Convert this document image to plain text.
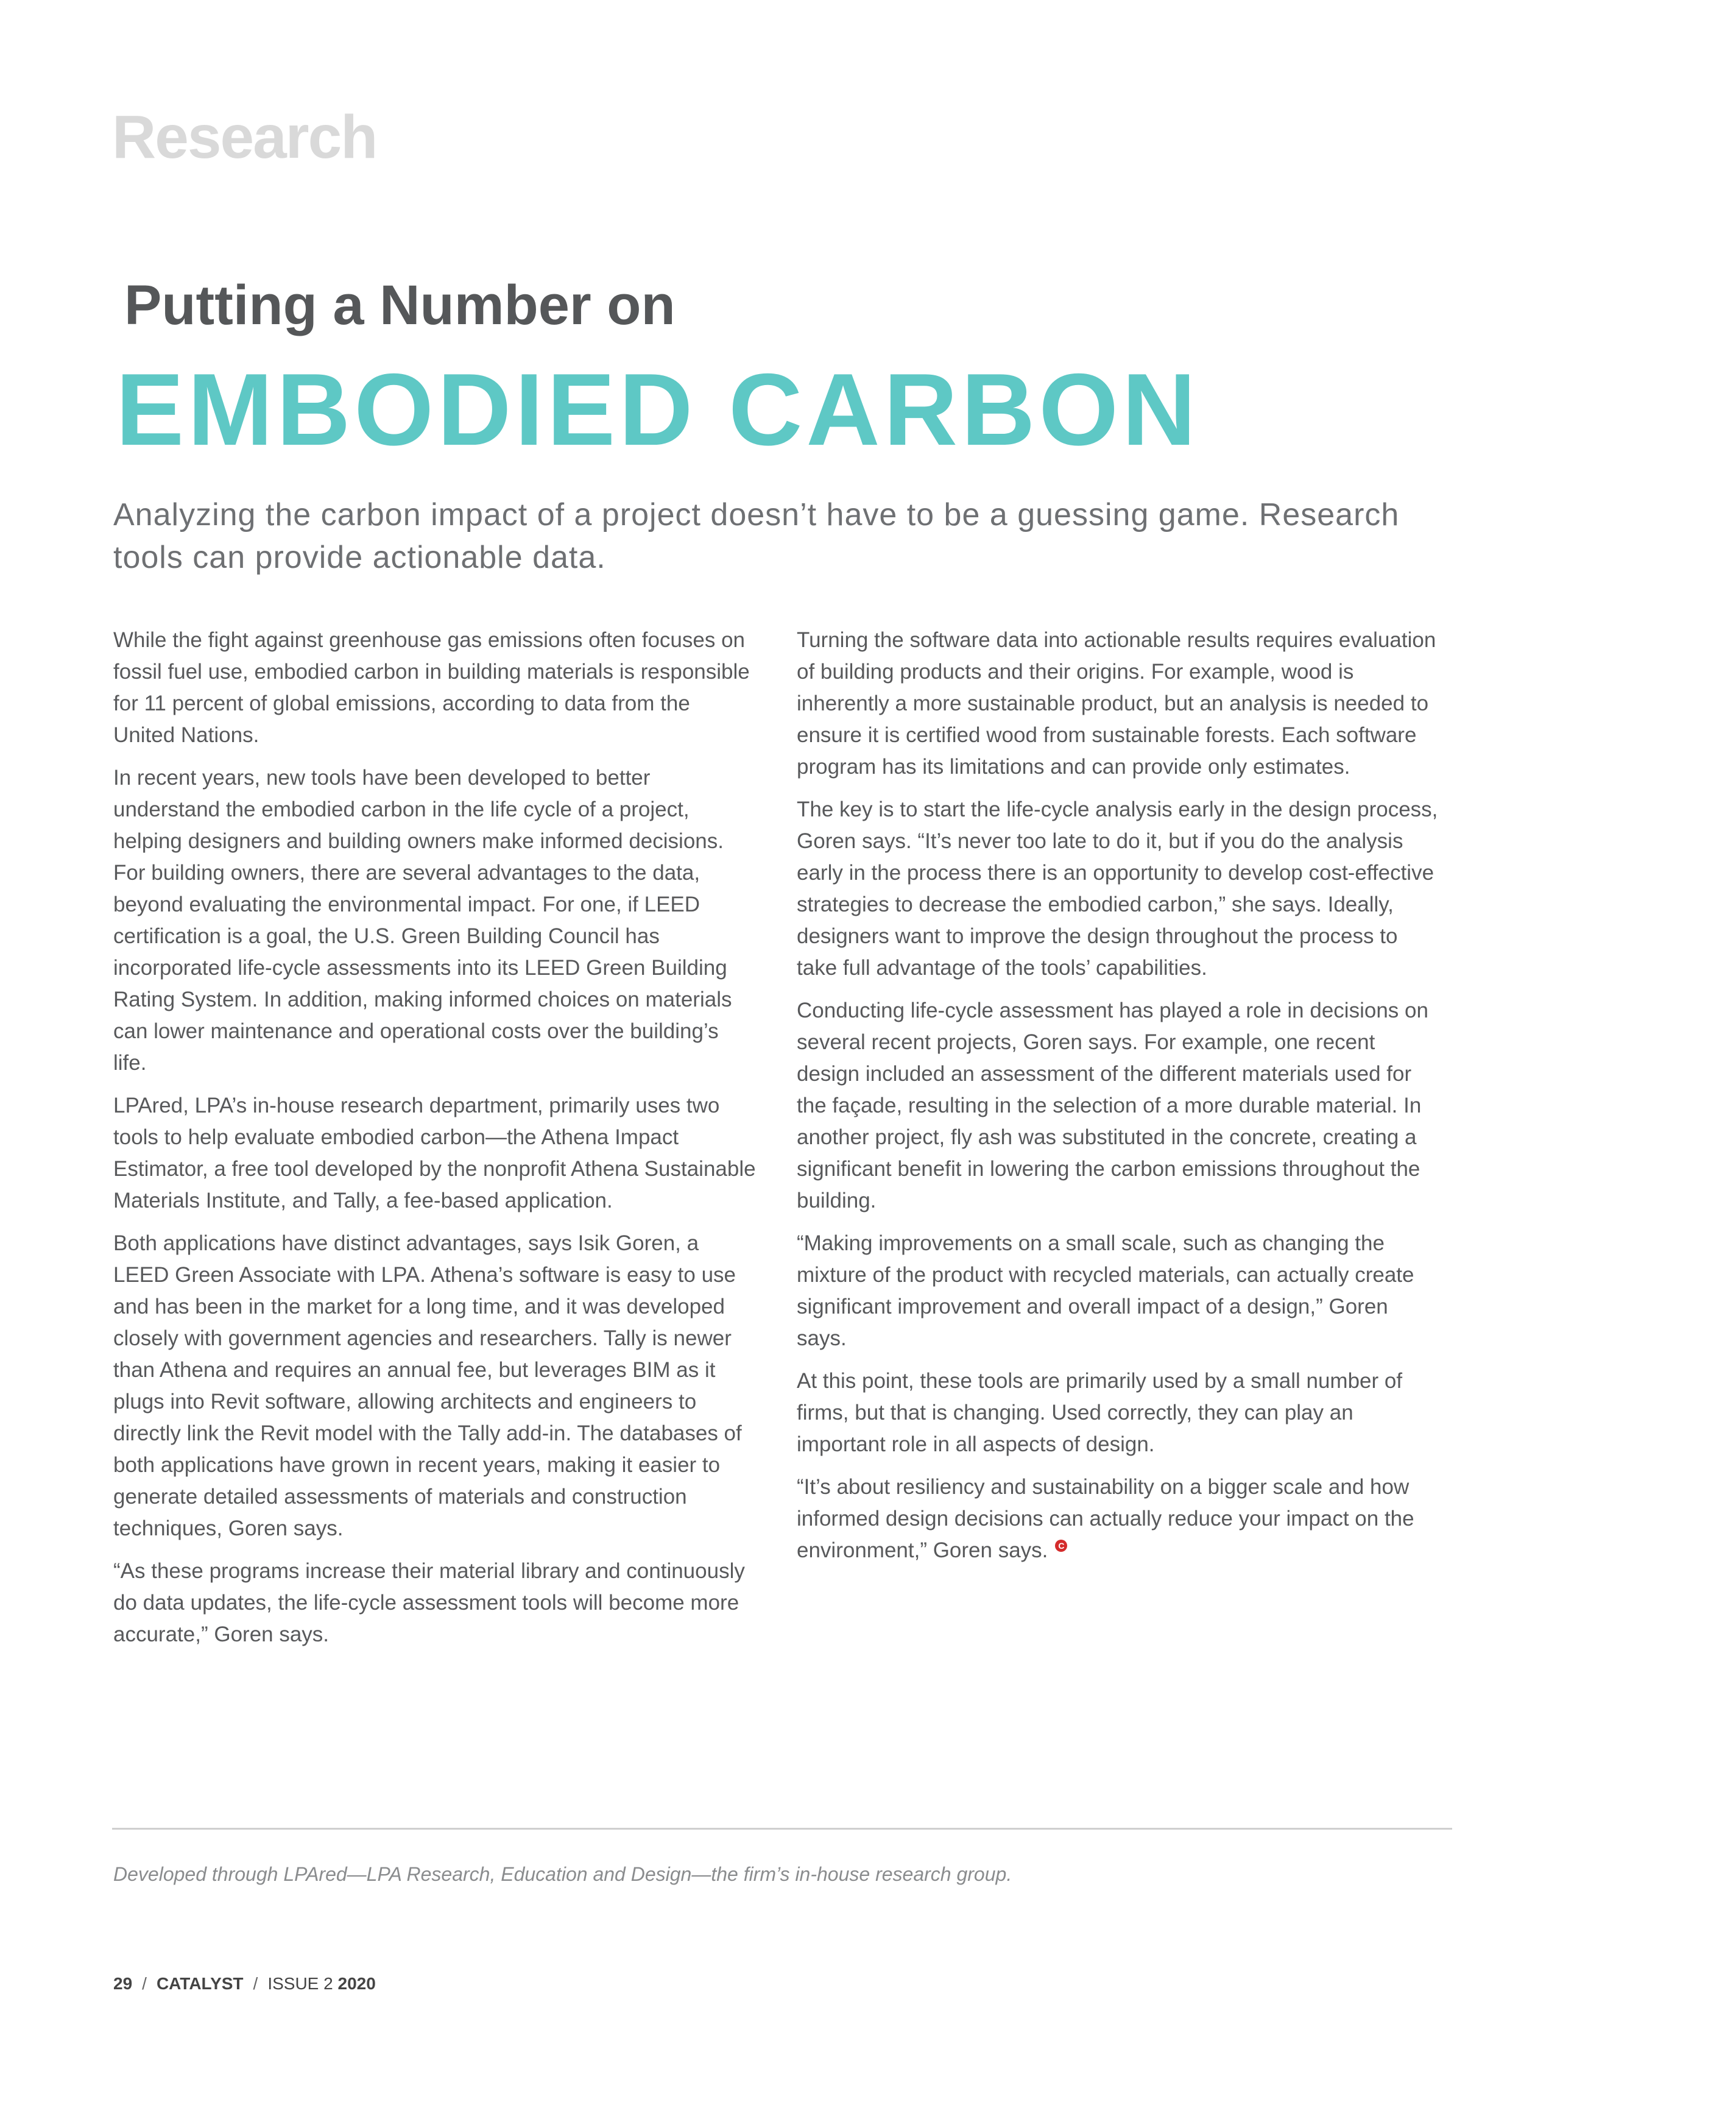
Research
Putting a Number on
EMBODIED CARBON
Analyzing the carbon impact of a project doesn’t have to be a guessing game. Research tools can provide actionable data.

While the fight against greenhouse gas emissions often focuses on fossil fuel use, embodied carbon in building materials is responsible for 11 percent of global emissions, according to data from the United Nations.

In recent years, new tools have been developed to better understand the embodied carbon in the life cycle of a project, helping designers and building owners make informed decisions. For building owners, there are several advantages to the data, beyond evaluating the environmental impact. For one, if LEED certification is a goal, the U.S. Green Building Council has incorporated life-cycle assessments into its LEED Green Building Rating System. In addition, making informed choices on materials can lower maintenance and operational costs over the building’s life.

LPAred, LPA’s in-house research department, primarily uses two tools to help evaluate embodied carbon—the Athena Impact Estimator, a free tool developed by the nonprofit Athena Sustainable Materials Institute, and Tally, a fee-based application.

Both applications have distinct advantages, says Isik Goren, a LEED Green Associate with LPA. Athena’s software is easy to use and has been in the market for a long time, and it was developed closely with government agencies and researchers. Tally is newer than Athena and requires an annual fee, but leverages BIM as it plugs into Revit software, allowing architects and engineers to directly link the Revit model with the Tally add-in. The databases of both applications have grown in recent years, making it easier to generate detailed assessments of materials and construction techniques, Goren says.

“As these programs increase their material library and continuously do data updates, the life-cycle assessment tools will become more accurate,” Goren says.

Turning the software data into actionable results requires evaluation of building products and their origins. For example, wood is inherently a more sustainable product, but an analysis is needed to ensure it is certified wood from sustainable forests. Each software program has its limitations and can provide only estimates.

The key is to start the life-cycle analysis early in the design process, Goren says. “It’s never too late to do it, but if you do the analysis early in the process there is an opportunity to develop cost-effective strategies to decrease the embodied carbon,” she says. Ideally, designers want to improve the design throughout the process to take full advantage of the tools’ capabilities.

Conducting life-cycle assessment has played a role in decisions on several recent projects, Goren says. For example, one recent design included an assessment of the different materials used for the façade, resulting in the selection of a more durable material. In another project, fly ash was substituted in the concrete, creating a significant benefit in lowering the carbon emissions throughout the building.

“Making improvements on a small scale, such as changing the mixture of the product with recycled materials, can actually create significant improvement and overall impact of a design,” Goren says.

At this point, these tools are primarily used by a small number of firms, but that is changing. Used correctly, they can play an important role in all aspects of design.

“It’s about resiliency and sustainability on a bigger scale and how informed design decisions can actually reduce your impact on the environment,” Goren says. C

Developed through LPAred—LPA Research, Education and Design—the firm’s in-house research group.
29 / CATALYST / ISSUE 2 2020
